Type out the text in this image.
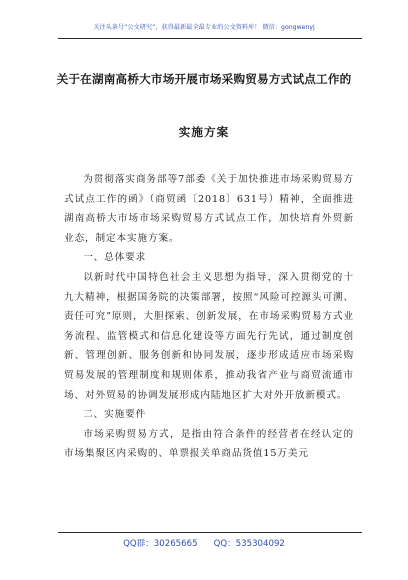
关注头条号“公文研究”，获得最新最全最专业的公文资料库！ 微信：gongwenyj
关于在湖南高桥大市场开展市场采购贸易方式试点工作的
实施方案

为贯彻落实商务部等7部委《关于加快推进市场采购贸易方式试点工作的函》（商贸函〔2018〕631号）精神，全面推进湖南高桥大市场市场采购贸易方式试点工作，加快培育外贸新业态，制定本实施方案。

一、总体要求

以新时代中国特色社会主义思想为指导，深入贯彻党的十九大精神，根据国务院的决策部署，按照“风险可控源头可溯、责任可究”原则，大胆探索、创新发展，在市场采购贸易方式业务流程、监管模式和信息化建设等方面先行先试，通过制度创新、管理创新、服务创新和协同发展，逐步形成适应市场采购贸易发展的管理制度和规则体系，推动我省产业与商贸流通市场、对外贸易的协调发展形成内陆地区扩大对外开放新模式。

二、实施要件

市场采购贸易方式，是指由符合条件的经营者在经认定的市场集聚区内采购的、单票报关单商品货值15万美元

QQ群：30265665 QQ：535304092
